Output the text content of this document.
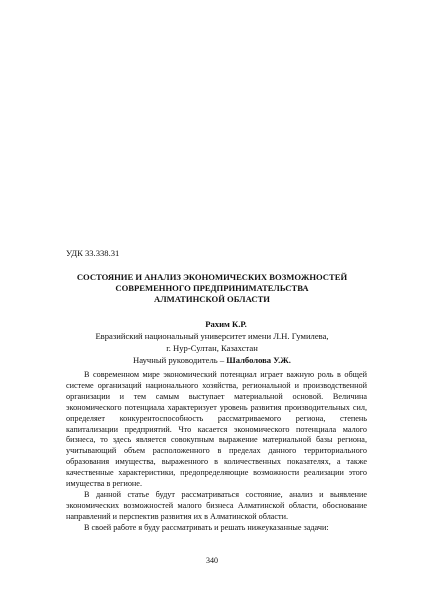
УДК 33.338.31
СОСТОЯНИЕ И АНАЛИЗ ЭКОНОМИЧЕСКИХ ВОЗМОЖНОСТЕЙ
СОВРЕМЕННОГО ПРЕДПРИНИМАТЕЛЬСТВА
АЛМАТИНСКОЙ ОБЛАСТИ
Рахим К.Р.
Евразийский национальный университет имени Л.Н. Гумилева,
г. Нур-Султан, Казахстан
Научный руководитель – Шалболова У.Ж.

В современном мире экономический потенциал играет важную роль в общей системе организаций национального хозяйства, региональной и производственной организации и тем самым выступает материальной основой. Величина экономического потенциала характеризует уровень развития производительных сил, определяет конкурентоспособность рассматриваемого региона, степень капитализации предприятий. Что касается экономического потенциала малого бизнеса, то здесь является совокупным выражение материальной базы региона, учитывающий объем расположенного в пределах данного территориального образования имущества, выраженного в количественных показателях, а также качественные характеристики, предопределяющие возможности реализации этого имущества в регионе.

В данной статье будут рассматриваться состояние, анализ и выявление экономических возможностей малого бизнеса Алматинской области, обоснование направлений и перспектив развития их в Алматинской области.

В своей работе я буду рассматривать и решать нижеуказанные задачи:

340
